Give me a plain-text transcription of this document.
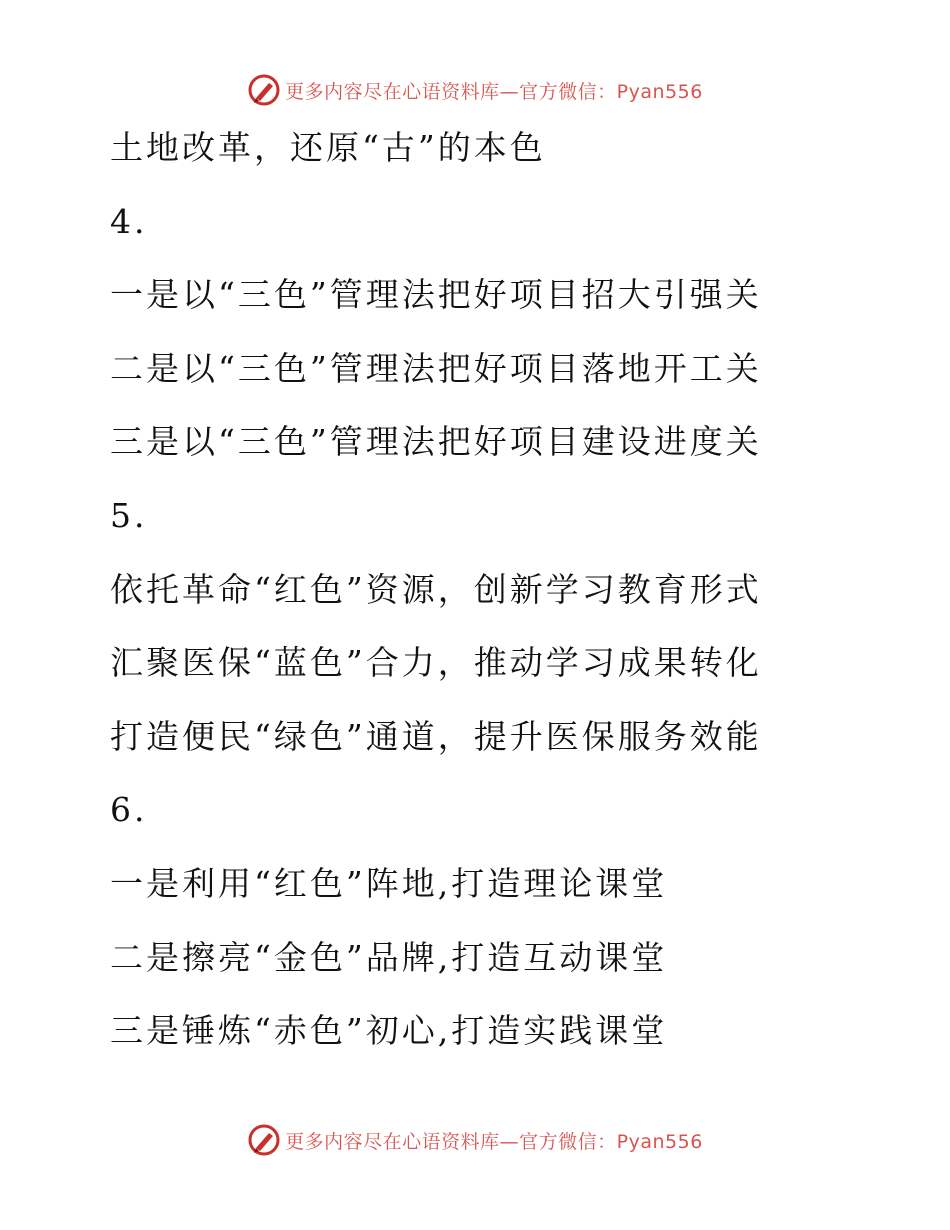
更多内容尽在心语资料库—官方微信：Pyan556
土地改革，还原“古”的本色
4.
一是以“三色”管理法把好项目招大引强关
二是以“三色”管理法把好项目落地开工关
三是以“三色”管理法把好项目建设进度关
5.
依托革命“红色”资源，创新学习教育形式
汇聚医保“蓝色”合力，推动学习成果转化
打造便民“绿色”通道，提升医保服务效能
6.
一是利用“红色”阵地,打造理论课堂
二是擦亮“金色”品牌,打造互动课堂
三是锤炼“赤色”初心,打造实践课堂
更多内容尽在心语资料库—官方微信：Pyan556
